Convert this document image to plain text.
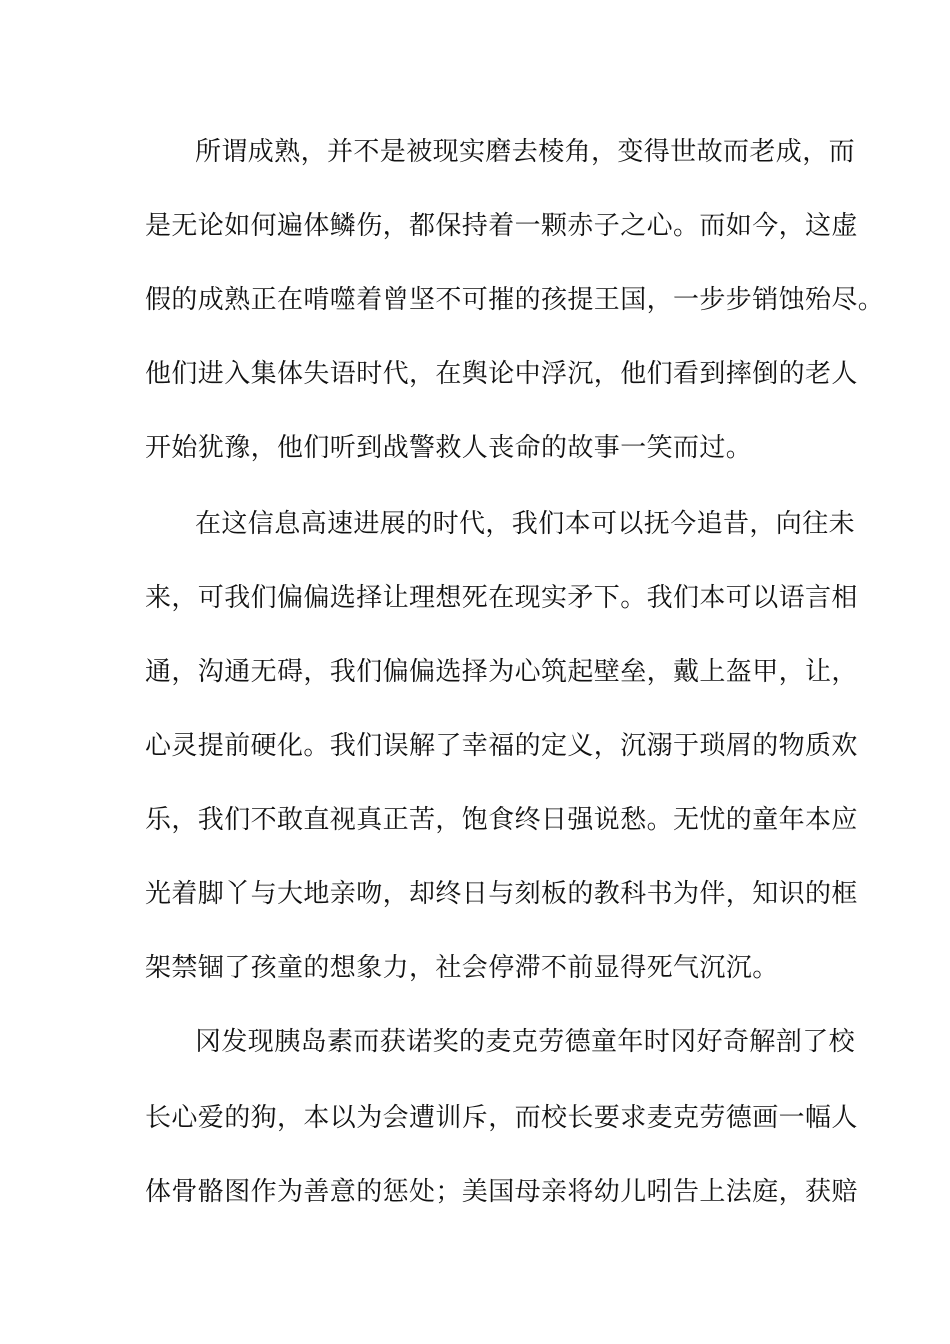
所谓成熟，并不是被现实磨去棱角，变得世故而老成，而
是无论如何遍体鳞伤，都保持着一颗赤子之心。而如今，这虚
假的成熟正在啃噬着曾坚不可摧的孩提王国，一步步销蚀殆尽。
他们进入集体失语时代，在舆论中浮沉，他们看到摔倒的老人
开始犹豫，他们听到战警救人丧命的故事一笑而过。
在这信息高速进展的时代，我们本可以抚今追昔，向往未
来，可我们偏偏选择让理想死在现实矛下。我们本可以语言相
通，沟通无碍，我们偏偏选择为心筑起壁垒，戴上盔甲，让，
心灵提前硬化。我们误解了幸福的定义，沉溺于琐屑的物质欢
乐，我们不敢直视真正苦，饱食终日强说愁。无忧的童年本应
光着脚丫与大地亲吻，却终日与刻板的教科书为伴，知识的框
架禁锢了孩童的想象力，社会停滞不前显得死气沉沉。
冈发现胰岛素而获诺奖的麦克劳德童年时冈好奇解剖了校
长心爱的狗，本以为会遭训斥，而校长要求麦克劳德画一幅人
体骨骼图作为善意的惩处；美国母亲将幼儿吲告上法庭，获赔
